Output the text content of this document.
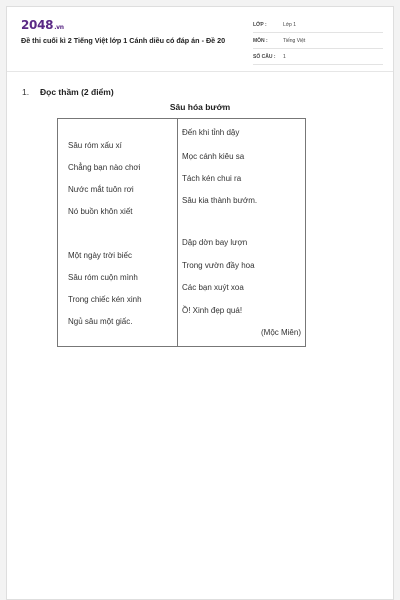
2048.vn
Đề thi cuối kì 2 Tiếng Việt lớp 1 Cánh diều có đáp án - Đề 20
LỚP :	Lớp 1
MÔN :	Tiếng Việt
SỐ CÂU :	1
1.	Đọc thầm (2 điểm)
Sâu hóa bướm
Sâu róm xấu xí
Chẳng bạn nào chơi
Nước mắt tuôn rơi
Nó buồn khôn xiết
Một ngày trời biếc
Sâu róm cuộn mình
Trong chiếc kén xinh
Ngủ sâu một giấc.
Đến khi tỉnh dậy
Mọc cánh kiêu sa
Tách kén chui ra
Sâu kia thành bướm.
Dập dờn bay lượn
Trong vườn đầy hoa
Các bạn xuýt xoa
Ồ! Xinh đẹp quá!
(Mộc Miên)
